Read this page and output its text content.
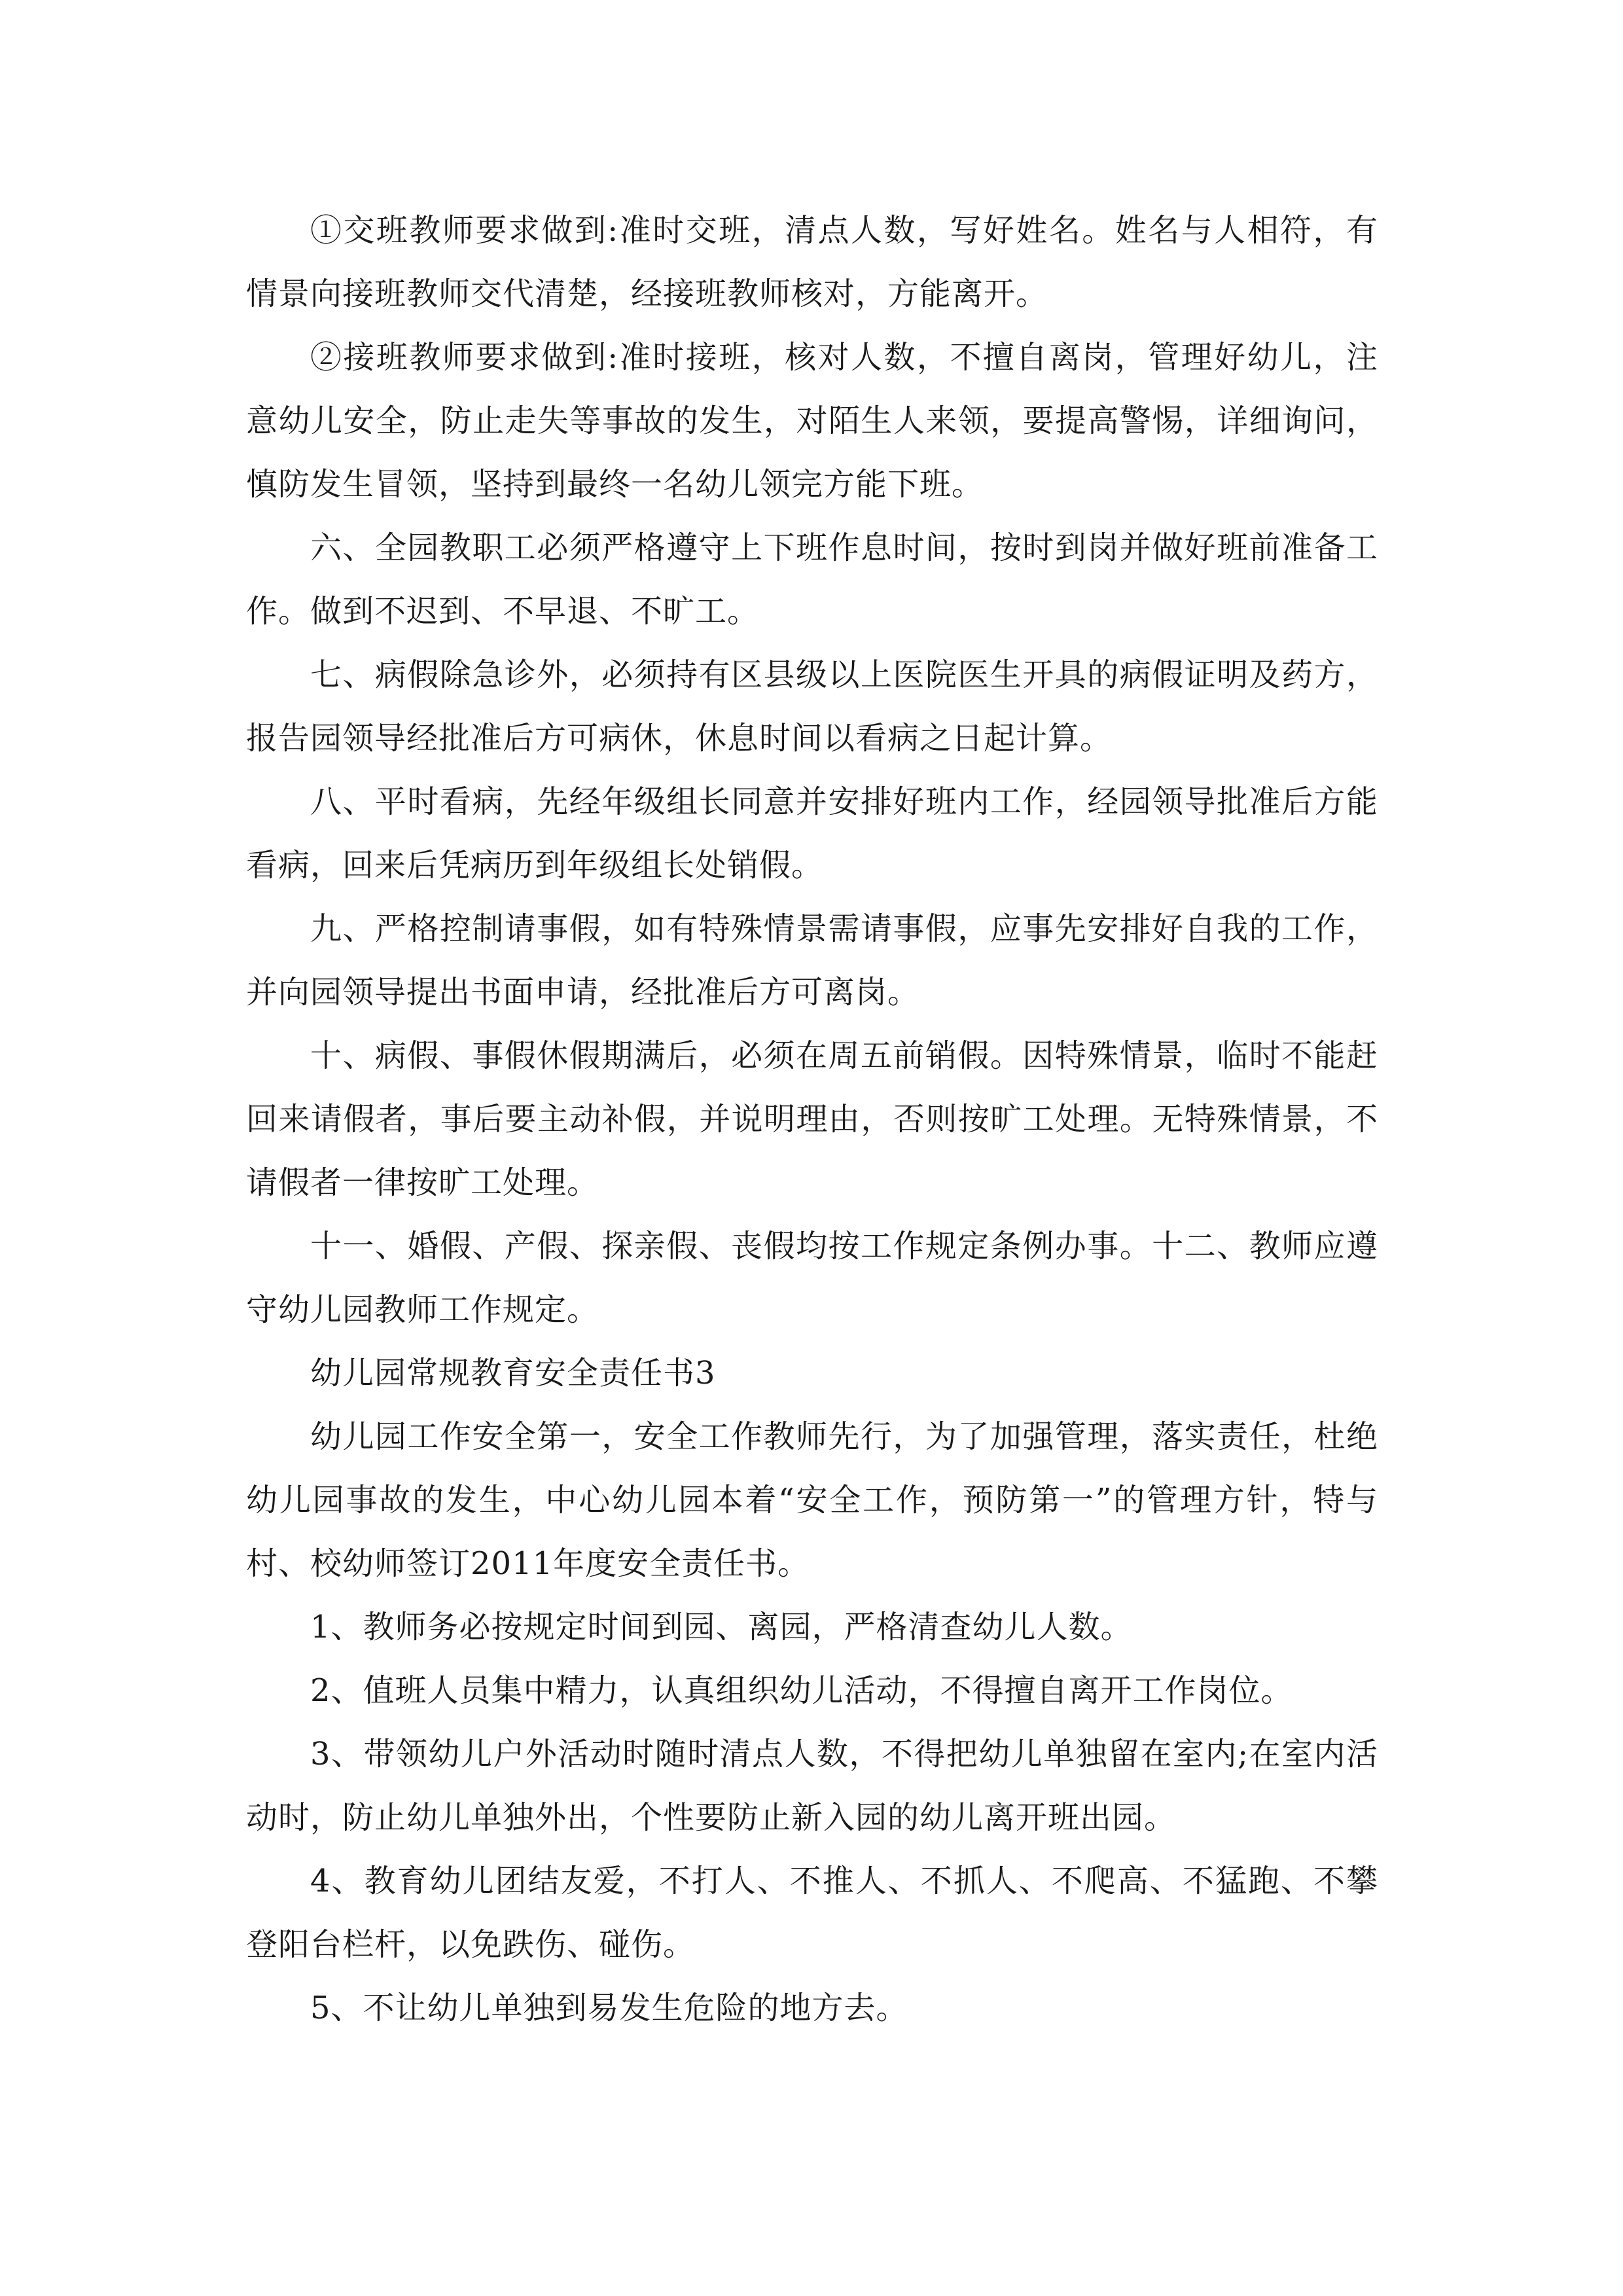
①交班教师要求做到:准时交班，清点人数，写好姓名。姓名与人相符，有情景向接班教师交代清楚，经接班教师核对，方能离开。

②接班教师要求做到:准时接班，核对人数，不擅自离岗，管理好幼儿，注意幼儿安全，防止走失等事故的发生，对陌生人来领，要提高警惕，详细询问，慎防发生冒领，坚持到最终一名幼儿领完方能下班。

六、全园教职工必须严格遵守上下班作息时间，按时到岗并做好班前准备工作。做到不迟到、不早退、不旷工。

七、病假除急诊外，必须持有区县级以上医院医生开具的病假证明及药方，报告园领导经批准后方可病休，休息时间以看病之日起计算。

八、平时看病，先经年级组长同意并安排好班内工作，经园领导批准后方能看病，回来后凭病历到年级组长处销假。

九、严格控制请事假，如有特殊情景需请事假，应事先安排好自我的工作，并向园领导提出书面申请，经批准后方可离岗。

十、病假、事假休假期满后，必须在周五前销假。因特殊情景，临时不能赶回来请假者，事后要主动补假，并说明理由，否则按旷工处理。无特殊情景，不请假者一律按旷工处理。

十一、婚假、产假、探亲假、丧假均按工作规定条例办事。十二、教师应遵守幼儿园教师工作规定。

幼儿园常规教育安全责任书3

幼儿园工作安全第一，安全工作教师先行，为了加强管理，落实责任，杜绝幼儿园事故的发生，中心幼儿园本着“安全工作，预防第一”的管理方针，特与村、校幼师签订2011年度安全责任书。

1、教师务必按规定时间到园、离园，严格清查幼儿人数。

2、值班人员集中精力，认真组织幼儿活动，不得擅自离开工作岗位。

3、带领幼儿户外活动时随时清点人数，不得把幼儿单独留在室内;在室内活动时，防止幼儿单独外出，个性要防止新入园的幼儿离开班出园。

4、教育幼儿团结友爱，不打人、不推人、不抓人、不爬高、不猛跑、不攀登阳台栏杆，以免跌伤、碰伤。

5、不让幼儿单独到易发生危险的地方去。
